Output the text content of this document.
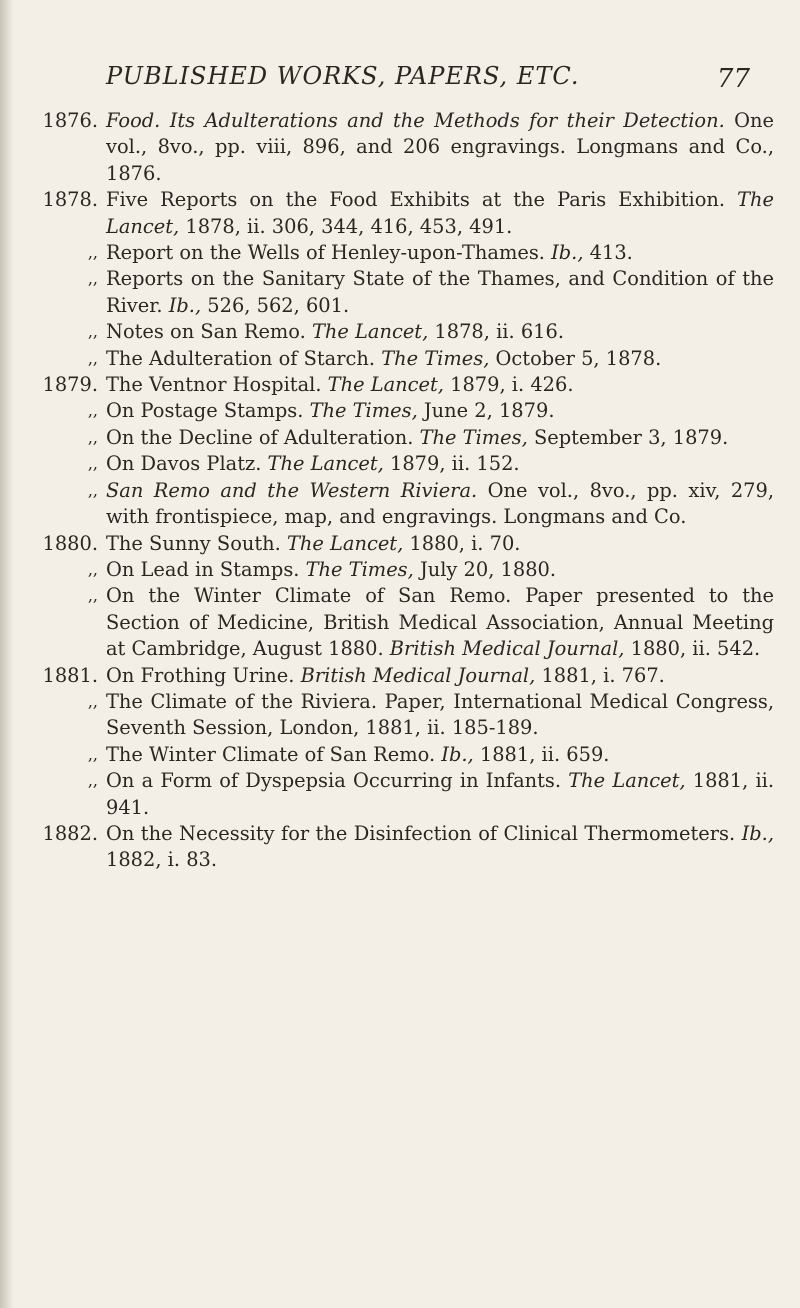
PUBLISHED WORKS, PAPERS, ETC.	77
1876. Food. Its Adulterations and the Methods for their Detection. One vol., 8vo., pp. viii, 896, and 206 engravings. Longmans and Co., 1876.
1878. Five Reports on the Food Exhibits at the Paris Exhibition. The Lancet, 1878, ii. 306, 344, 416, 453, 491.
,, Report on the Wells of Henley-upon-Thames. Ib., 413.
,, Reports on the Sanitary State of the Thames, and Condition of the River. Ib., 526, 562, 601.
,, Notes on San Remo. The Lancet, 1878, ii. 616.
,, The Adulteration of Starch. The Times, October 5, 1878.
1879. The Ventnor Hospital. The Lancet, 1879, i. 426.
,, On Postage Stamps. The Times, June 2, 1879.
,, On the Decline of Adulteration. The Times, September 3, 1879.
,, On Davos Platz. The Lancet, 1879, ii. 152.
,, San Remo and the Western Riviera. One vol., 8vo., pp. xiv, 279, with frontispiece, map, and engravings. Longmans and Co.
1880. The Sunny South. The Lancet, 1880, i. 70.
,, On Lead in Stamps. The Times, July 20, 1880.
,, On the Winter Climate of San Remo. Paper presented to the Section of Medicine, British Medical Association, Annual Meeting at Cambridge, August 1880. British Medical Journal, 1880, ii. 542.
1881. On Frothing Urine. British Medical Journal, 1881, i. 767.
,, The Climate of the Riviera. Paper, International Medical Congress, Seventh Session, London, 1881, ii. 185-189.
,, The Winter Climate of San Remo. Ib., 1881, ii. 659.
,, On a Form of Dyspepsia Occurring in Infants. The Lancet, 1881, ii. 941.
1882. On the Necessity for the Disinfection of Clinical Thermometers. Ib., 1882, i. 83.
